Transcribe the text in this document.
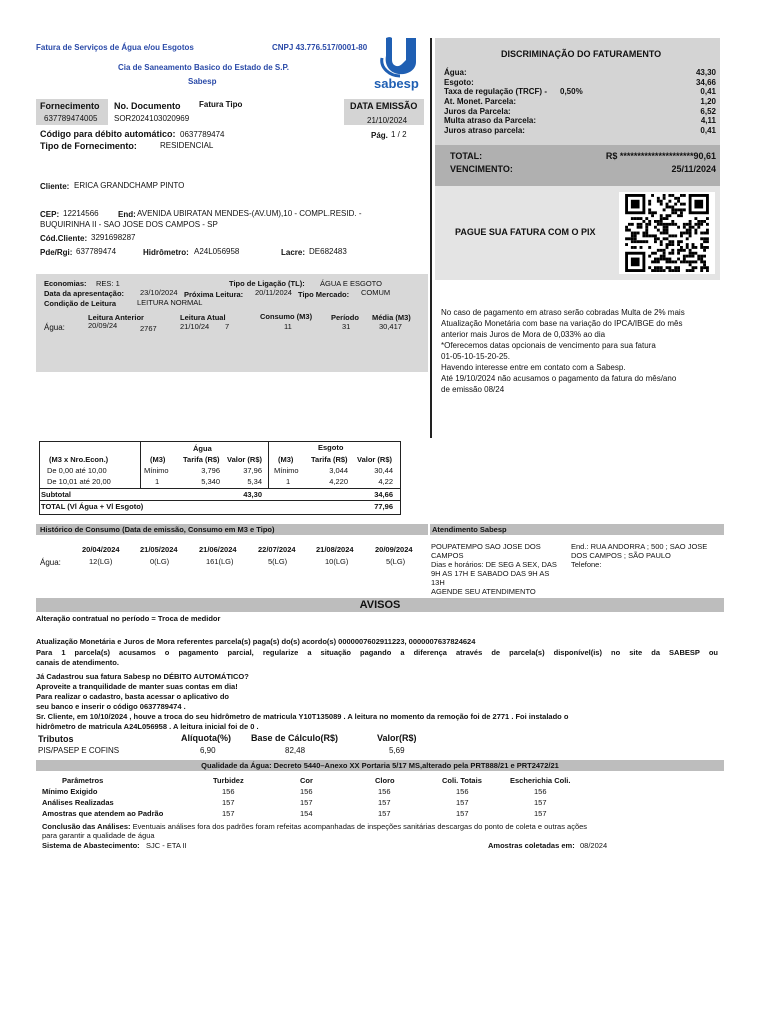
Fatura de Serviços de Água e/ou Esgotos	CNPJ 43.776.517/0001-80
Cia de Saneamento Basico do Estado de S.P.
Sabesp	sabesp
Fornecimento
637789474005
No. Documento
SOR2024103020969
Fatura Tipo	DATA EMISSÃO
21/10/2024
Pág. 1 / 2
Código para débito automático: 0637789474
Tipo de Fornecimento:	RESIDENCIAL
Cliente: ERICA GRANDCHAMP PINTO
CEP: 12214566 End: AVENIDA UBIRATAN MENDES-(AV.UM),10 - COMPL.RESID. -
BUQUIRINHA II - SAO JOSE DOS CAMPOS - SP
Cód.Cliente: 3291698287
Pde/Rgi: 637789474	Hidrômetro: A24L056958	Lacre: DE682483
DISCRIMINAÇÃO DO FATURAMENTO
Água:	43,30
Esgoto:	34,66
Taxa de regulação (TRCF) - 0,50%	0,41
At. Monet. Parcela:	1,20
Juros da Parcela:	6,52
Multa atraso da Parcela:	4,11
Juros atraso parcela:	0,41
TOTAL:	R$ *********************90,61
VENCIMENTO:	25/11/2024
PAGUE SUA FATURA COM O PIX
Economias: RES: 1	Tipo de Ligação (TL): ÁGUA E ESGOTO
Data da apresentação: 23/10/2024 Próxima Leitura: 20/11/2024 Tipo Mercado: COMUM
Condição de Leitura	LEITURA NORMAL
Leitura Anterior	Leitura Atual	Consumo (M3)	Período Média (M3)
Água:	20/09/24	2767	21/10/24 7	11	31	30,417
No caso de pagamento em atraso serão cobradas Multa de 2% mais
Atualização Monetária com base na variação do IPCA/IBGE do mês
anterior mais Juros de Mora de 0,033% ao dia
*Oferecemos datas opcionais de vencimento para sua fatura
01-05-10-15-20-25.
Havendo interesse entre em contato com a Sabesp.
Até 19/10/2024 não acusamos o pagamento da fatura do mês/ano
de emissão 08/24
Água	Esgoto
(M3 x Nro.Econ.)	(M3) Tarifa (R$) Valor (R$) (M3) Tarifa (R$) Valor (R$)
De 0,00 até 10,00	Mínimo	3,796	37,96 Mínimo	3,044	30,44
De 10,01 até 20,00	1	5,340	5,34	1	4,220	4,22
Subtotal	43,30	34,66
TOTAL (Vl Água + Vl Esgoto)	77,96
Histórico de Consumo (Data de emissão, Consumo em M3 e Tipo)
20/04/2024	21/05/2024	21/06/2024	22/07/2024	21/08/2024	20/09/2024
Água:	12(LG)	0(LG)	161(LG)	5(LG)	10(LG)	5(LG)
Atendimento Sabesp
POUPATEMPO SAO JOSE DOS
CAMPOS
Dias e horários: DE SEG A SEX, DAS
9H AS 17H E SABADO DAS 9H AS 13H
AGENDE SEU ATENDIMENTO
End.: RUA ANDORRA ; 500 ; SAO JOSE
DOS CAMPOS ; SÃO PAULO
Telefone:
AVISOS
Alteração contratual no período = Troca de medidor
Atualização Monetária e Juros de Mora referentes parcela(s) paga(s) do(s) acordo(s) 0000007602911223, 0000007637824624
Para 1 parcela(s) acusamos o pagamento parcial, regularize a situação pagando a diferença através de parcela(s) disponível(is) no site da SABESP ou
canais de atendimento.
Já Cadastrou sua fatura Sabesp no DÉBITO AUTOMÁTICO?
Aproveite a tranquilidade de manter suas contas em dia!
Para realizar o cadastro, basta acessar o aplicativo do
seu banco e inserir o código 0637789474 .
Sr. Cliente, em 10/10/2024 , houve a troca do seu hidrômetro de matricula Y10T135089 . A leitura no momento da remoção foi de 2771 . Foi instalado o
hidrômetro de matricula A24L056958 . A leitura inicial foi de 0 .
Tributos	Alíquota(%) Base de Cálculo(R$)	Valor(R$)
PIS/PASEP E COFINS	6,90	82,48	5,69
Qualidade da Água: Decreto 5440–Anexo XX Portaria 5/17 MS,alterado pela PRT888/21 e PRT2472/21
Parâmetros	Turbidez	Cor	Cloro	Coli. Totais	Escherichia Coli.
Mínimo Exigido	156	156	156	156	156
Análises Realizadas	157	157	157	157	157
Amostras que atendem ao Padrão	157	154	157	157	157
Conclusão das Análises: Eventuais análises fora dos padrões foram refeitas acompanhadas de inspeções sanitárias descargas do ponto de coleta e outras ações
para garantir a qualidade de água
Sistema de Abastecimento: SJC - ETA II	Amostras coletadas em: 08/2024
